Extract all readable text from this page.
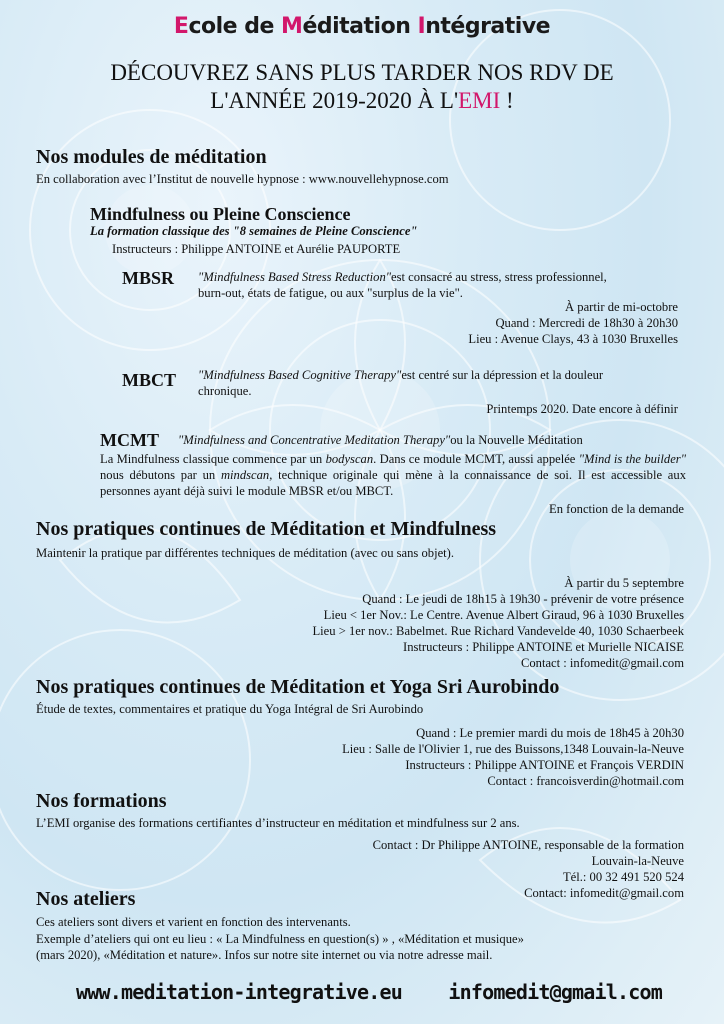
Ecole de Méditation Intégrative
DÉCOUVREZ SANS PLUS TARDER NOS RDV DE
L'ANNÉE 2019-2020 À L'EMI !
Nos modules de méditation
En collaboration avec l’Institut de nouvelle hypnose : www.nouvellehypnose.com
Mindfulness ou Pleine Conscience
La formation classique des "8 semaines de Pleine Conscience"
Instructeurs : Philippe ANTOINE et Aurélie PAUPORTE
MBSR "Mindfulness Based Stress Reduction"est consacré au stress, stress professionnel,
burn-out, états de fatigue, ou aux "surplus de la vie".
À partir de mi-octobre
Quand : Mercredi de 18h30 à 20h30
Lieu : Avenue Clays, 43 à 1030 Bruxelles
MBCT "Mindfulness Based Cognitive Therapy"est centré sur la dépression et la douleur
chronique.
Printemps 2020. Date encore à définir
MCMT "Mindfulness and Concentrative Meditation Therapy"ou la Nouvelle Méditation
La Mindfulness classique commence par un bodyscan. Dans ce module MCMT, aussi appelée "Mind is the builder" nous débutons par un mindscan, technique originale qui mène à la connaissance de soi. Il est accessible aux personnes ayant déjà suivi le module MBSR et/ou MBCT.
En fonction de la demande
Nos pratiques continues de Méditation et Mindfulness
Maintenir la pratique par différentes techniques de méditation (avec ou sans objet).
À partir du 5 septembre
Quand : Le jeudi de 18h15 à 19h30 - prévenir de votre présence
Lieu < 1er Nov.: Le Centre. Avenue Albert Giraud, 96 à 1030 Bruxelles
Lieu > 1er nov.: Babelmet. Rue Richard Vandevelde 40, 1030 Schaerbeek
Instructeurs : Philippe ANTOINE et Murielle NICAISE
Contact : infomedit@gmail.com
Nos pratiques continues de Méditation et Yoga Sri Aurobindo
Étude de textes, commentaires et pratique du Yoga Intégral de Sri Aurobindo
Quand : Le premier mardi du mois de 18h45 à 20h30
Lieu : Salle de l'Olivier 1, rue des Buissons,1348 Louvain-la-Neuve
Instructeurs : Philippe ANTOINE et François VERDIN
Contact : francoisverdin@hotmail.com
Nos formations
L’EMI organise des formations certifiantes d’instructeur en méditation et mindfulness sur 2 ans.
Contact : Dr Philippe ANTOINE, responsable de la formation
Louvain-la-Neuve
Tél.: 00 32 491 520 524
Contact: infomedit@gmail.com
Nos ateliers
Ces ateliers sont divers et varient en fonction des intervenants.
Exemple d’ateliers qui ont eu lieu : « La Mindfulness en question(s) » , «Méditation et musique»
(mars 2020), «Méditation et nature». Infos sur notre site internet ou via notre adresse mail.
www.meditation-integrative.eu infomedit@gmail.com
